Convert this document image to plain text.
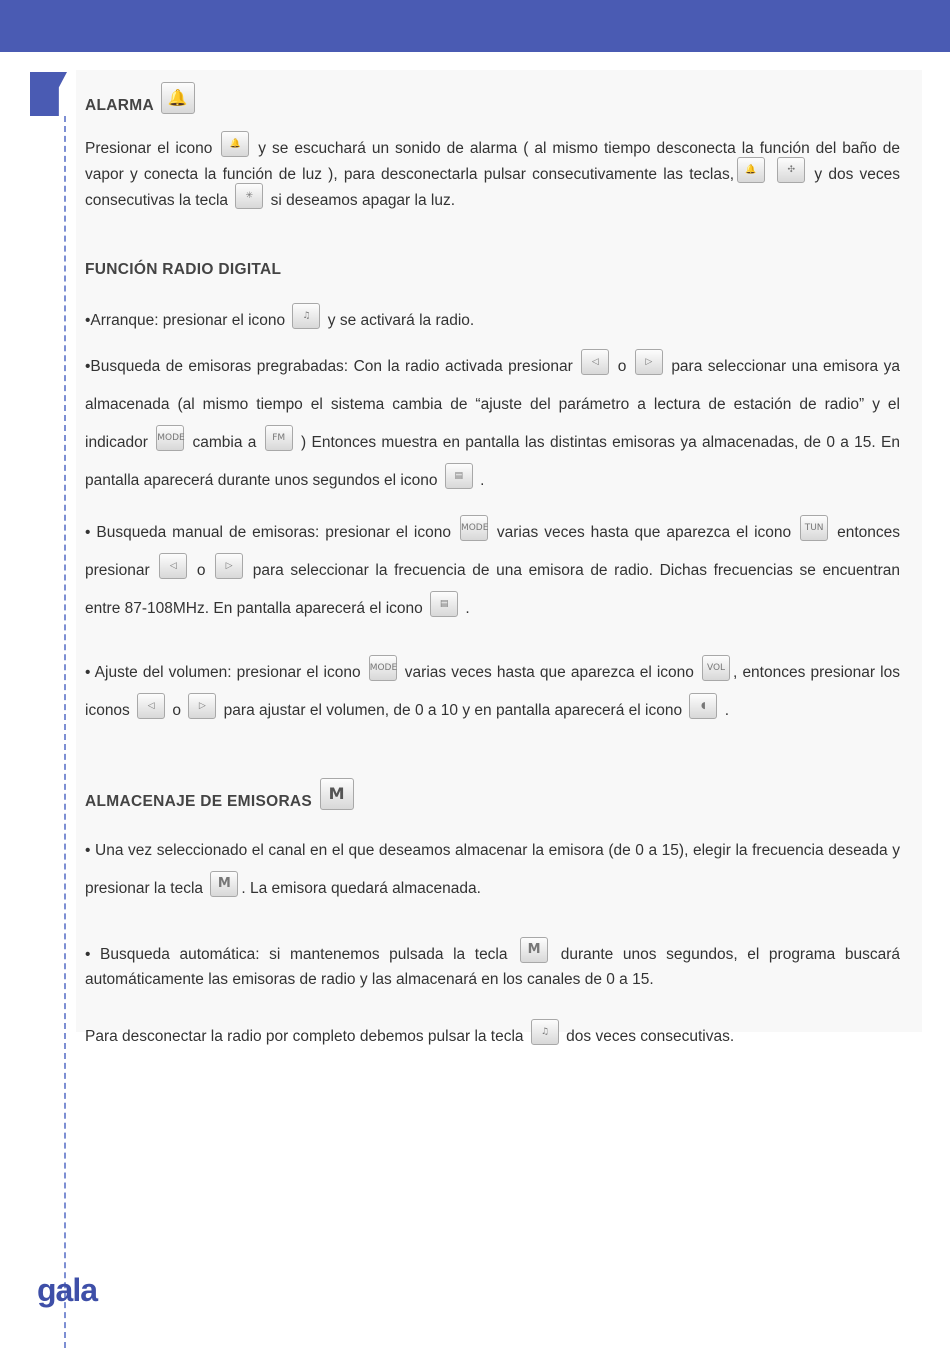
ALARMA 🔔

Presionar el icono 🔔 y se escuchará un sonido de alarma ( al mismo tiempo desconecta la función del baño de vapor y conecta la función de luz ), para desconectarla pulsar consecutivamente las teclas, 🔔	✣ y dos veces consecutivas la tecla ✳ si deseamos apagar la luz.

FUNCIÓN RADIO DIGITAL

•Arranque: presionar el icono ♫ y se activará la radio.

•Busqueda de emisoras pregrabadas: Con la radio activada presionar ◁ o ▷ para seleccionar una emisora ya almacenada (al mismo tiempo el sistema cambia de “ajuste del parámetro a lectura de estación de radio” y el indicador MODE cambia a FM ) Entonces muestra en pantalla las distintas emisoras ya almacenadas, de 0 a 15. En pantalla aparecerá durante unos segundos el icono ▤ .

• Busqueda manual de emisoras: presionar el icono MODE varias veces hasta que aparezca el icono TUN entonces presionar ◁ o ▷ para seleccionar la frecuencia de una emisora de radio. Dichas frecuencias se encuentran entre 87-108MHz. En pantalla aparecerá el icono ▤ .

• Ajuste del volumen: presionar el icono MODE varias veces hasta que aparezca el icono VOL , entonces presionar los iconos ◁ o ▷ para ajustar el volumen, de 0 a 10 y en pantalla aparecerá el icono ◖ .

ALMACENAJE DE EMISORAS M

• Una vez seleccionado el canal en el que deseamos almacenar la emisora (de 0 a 15), elegir la frecuencia deseada y presionar la tecla M . La emisora quedará almacenada.

• Busqueda automática: si mantenemos pulsada la tecla M durante unos segundos, el programa buscará automáticamente las emisoras de radio y las almacenará en los canales de 0 a 15.

Para desconectar la radio por completo debemos pulsar la tecla ♫ dos veces consecutivas.

gala
